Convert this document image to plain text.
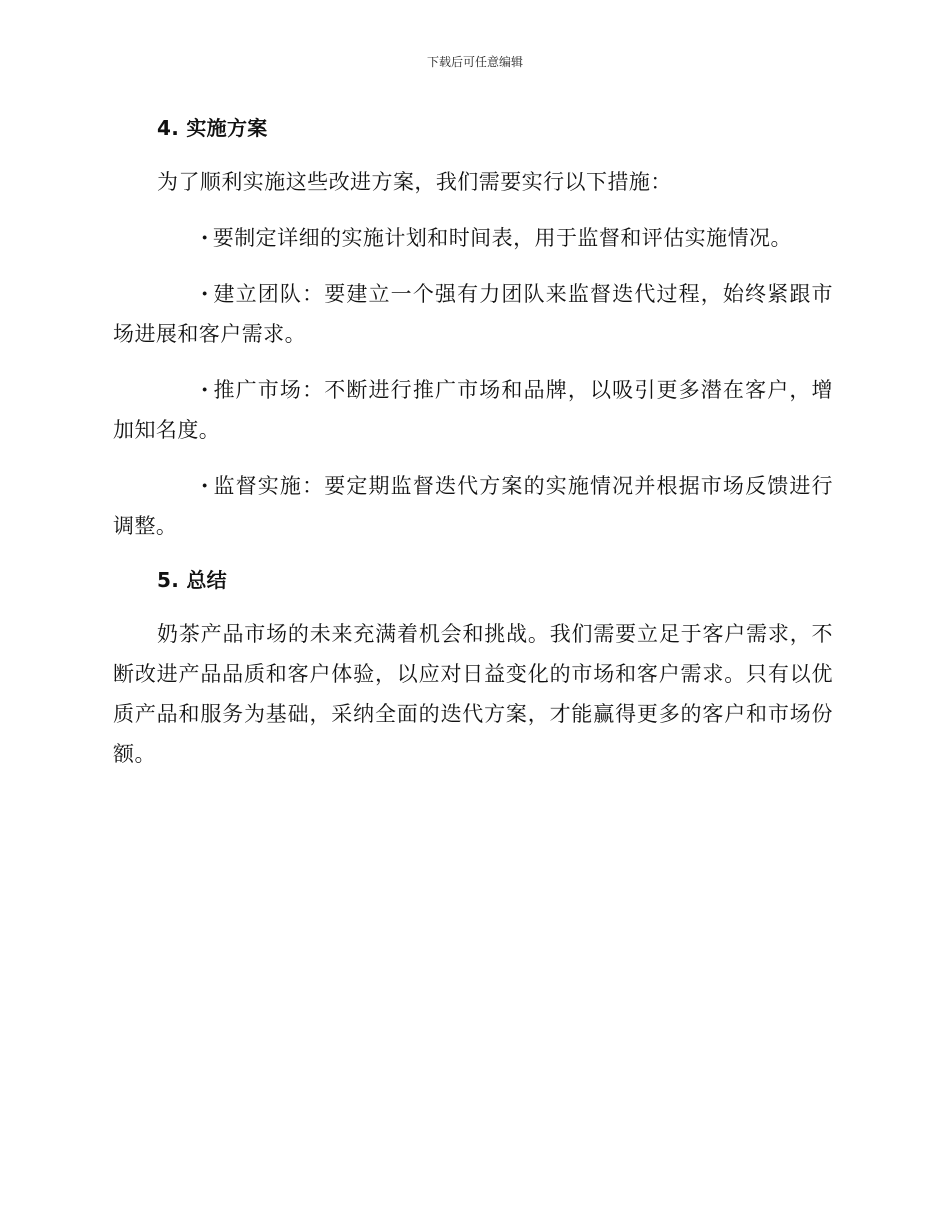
下载后可任意编辑
4. 实施方案

为了顺利实施这些改进方案，我们需要实行以下措施：

· 要制定详细的实施计划和时间表，用于监督和评估实施情况。

· 建立团队：要建立一个强有力团队来监督迭代过程，始终紧跟市场进展和客户需求。

· 推广市场：不断进行推广市场和品牌，以吸引更多潜在客户，增加知名度。

· 监督实施：要定期监督迭代方案的实施情况并根据市场反馈进行调整。

5. 总结

奶茶产品市场的未来充满着机会和挑战。我们需要立足于客户需求，不断改进产品品质和客户体验，以应对日益变化的市场和客户需求。只有以优质产品和服务为基础，采纳全面的迭代方案，才能赢得更多的客户和市场份额。
